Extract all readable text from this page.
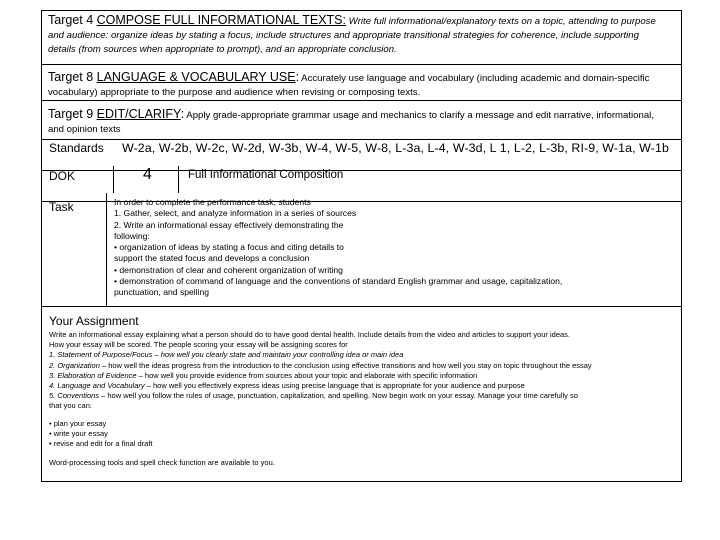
Target 4 COMPOSE FULL INFORMATIONAL TEXTS: Write full informational/explanatory texts on a topic, attending to purpose
and audience: organize ideas by stating a focus, include structures and appropriate transitional strategies for coherence, include supporting
details (from sources when appropriate to prompt), and an appropriate conclusion.
Target 8 LANGUAGE & VOCABULARY USE: Accurately use language and vocabulary (including academic and domain-specific
vocabulary) appropriate to the purpose and audience when revising or composing texts.
Target 9 EDIT/CLARIFY: Apply grade-appropriate grammar usage and mechanics to clarify a message and edit narrative, informational,
and opinion texts
Standards W-2a, W-2b, W-2c, W-2d, W-3b, W-4, W-5, W-8, L-3a, L-4, W-3d, L 1, L-2, L-3b, RI-9, W-1a, W-1b
DOK	4	Full Informational Composition
Task	In order to complete the performance task, students
1. Gather, select, and analyze information in a series of sources
2. Write an informational essay effectively demonstrating the
following:
• organization of ideas by stating a focus and citing details to
support the stated focus and develops a conclusion
• demonstration of clear and coherent organization of writing
• demonstration of command of language and the conventions of standard English grammar and usage, capitalization,
punctuation, and spelling
Your Assignment
Write an informational essay explaining what a person should do to have good dental health. Include details from the video and articles to support your ideas.
How your essay will be scored. The people scoring your essay will be assigning scores for
1. Statement of Purpose/Focus – how well you clearly state and maintain your controlling idea or main idea
2. Organization – how well the ideas progress from the introduction to the conclusion using effective transitions and how well you stay on topic throughout the essay
3. Elaboration of Evidence – how well you provide evidence from sources about your topic and elaborate with specific information
4. Language and Vocabulary – how well you effectively express ideas using precise language that is appropriate for your audience and purpose
5. Conventions – how well you follow the rules of usage, punctuation, capitalization, and spelling. Now begin work on your essay. Manage your time carefully so
that you can:
• plan your essay
• write your essay
• revise and edit for a final draft
Word-processing tools and spell check function are available to you.
